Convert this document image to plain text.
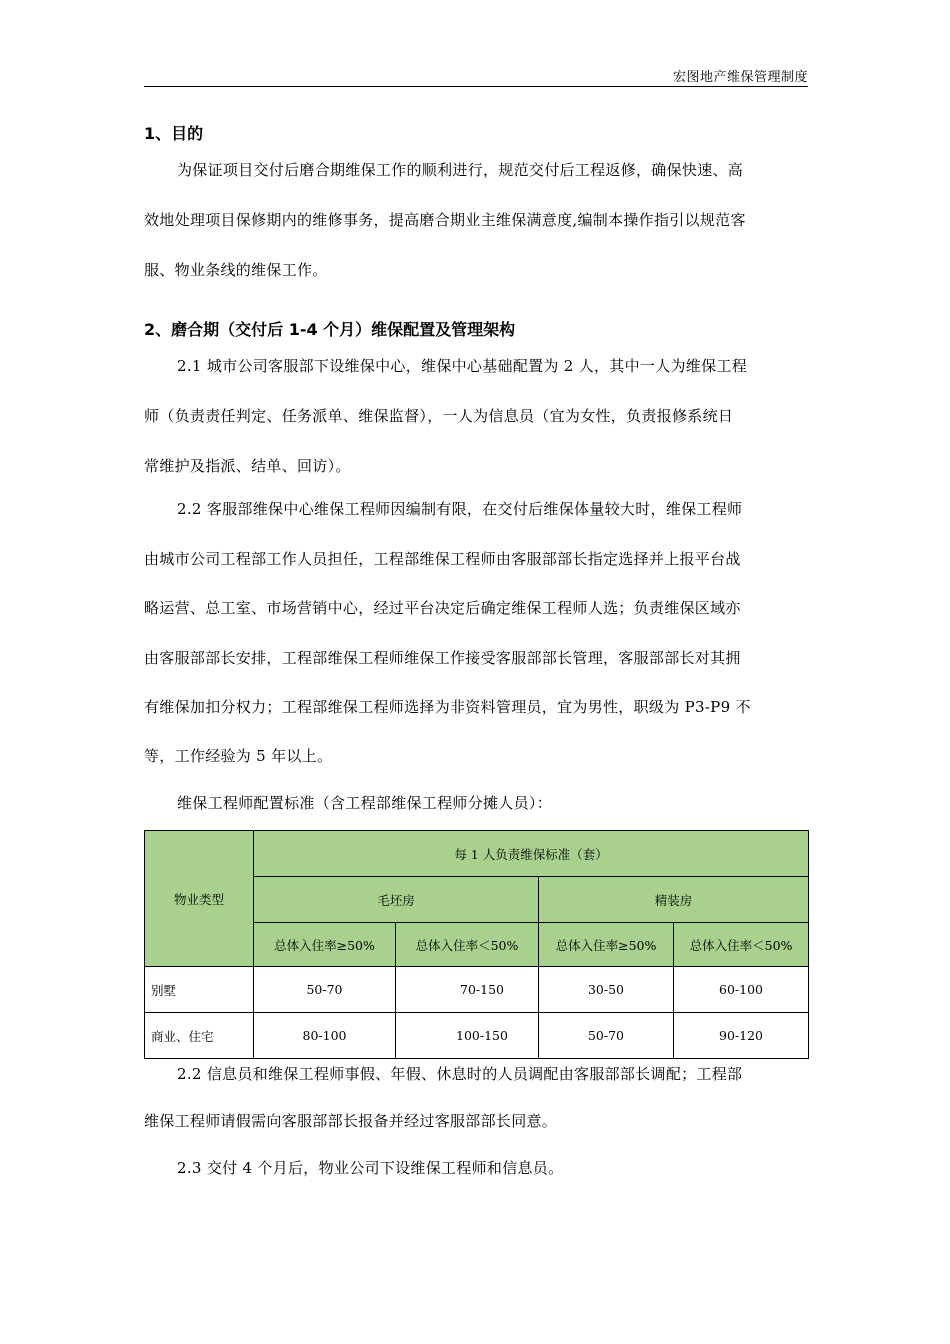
宏图地产维保管理制度
1、目的
为保证项目交付后磨合期维保工作的顺利进行，规范交付后工程返修，确保快速、高
效地处理项目保修期内的维修事务，提高磨合期业主维保满意度,编制本操作指引以规范客
服、物业条线的维保工作。
2、磨合期（交付后 1-4 个月）维保配置及管理架构
2.1 城市公司客服部下设维保中心，维保中心基础配置为 2 人，其中一人为维保工程
师（负责责任判定、任务派单、维保监督），一人为信息员（宜为女性，负责报修系统日
常维护及指派、结单、回访）。
2.2 客服部维保中心维保工程师因编制有限，在交付后维保体量较大时，维保工程师
由城市公司工程部工作人员担任，工程部维保工程师由客服部部长指定选择并上报平台战
略运营、总工室、市场营销中心，经过平台决定后确定维保工程师人选；负责维保区域亦
由客服部部长安排，工程部维保工程师维保工作接受客服部部长管理，客服部部长对其拥
有维保加扣分权力；工程部维保工程师选择为非资料管理员，宜为男性，职级为 P3-P9 不
等，工作经验为 5 年以上。
维保工程师配置标准（含工程部维保工程师分摊人员）：
物业类型	每 1 人负责维保标准（套）			
	毛坯房		精装房	
	总体入住率≥50%	总体入住率＜50%	总体入住率≥50%	总体入住率＜50%
别墅	50-70	70-150	30-50	60-100
商业、住宅	80-100	100-150	50-70	90-120
2.2 信息员和维保工程师事假、年假、休息时的人员调配由客服部部长调配；工程部
维保工程师请假需向客服部部长报备并经过客服部部长同意。
2.3 交付 4 个月后，物业公司下设维保工程师和信息员。
